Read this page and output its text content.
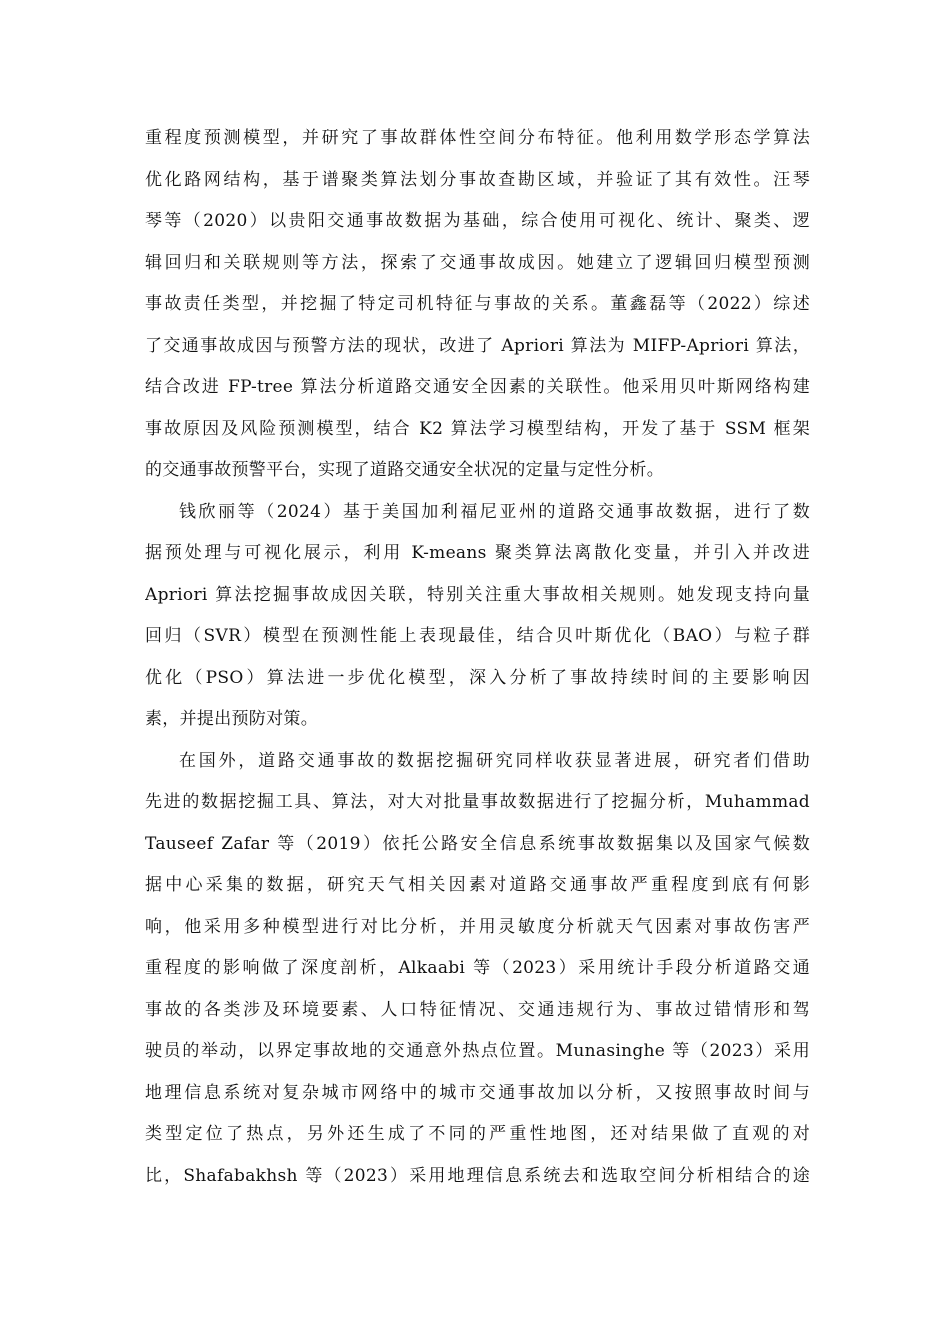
重程度预测模型，并研究了事故群体性空间分布特征。他利用数学形态学算法
优化路网结构，基于谱聚类算法划分事故查勘区域，并验证了其有效性。汪琴
琴等（2020）以贵阳交通事故数据为基础，综合使用可视化、统计、聚类、逻
辑回归和关联规则等方法，探索了交通事故成因。她建立了逻辑回归模型预测
事故责任类型，并挖掘了特定司机特征与事故的关系。董鑫磊等（2022）综述
了交通事故成因与预警方法的现状，改进了 Apriori 算法为 MIFP-Apriori 算法，
结合改进 FP-tree 算法分析道路交通安全因素的关联性。他采用贝叶斯网络构建
事故原因及风险预测模型，结合 K2 算法学习模型结构，开发了基于 SSM 框架
的交通事故预警平台，实现了道路交通安全状况的定量与定性分析。
钱欣丽等（2024）基于美国加利福尼亚州的道路交通事故数据，进行了数
据预处理与可视化展示，利用 K-means 聚类算法离散化变量，并引入并改进
Apriori 算法挖掘事故成因关联，特别关注重大事故相关规则。她发现支持向量
回归（SVR）模型在预测性能上表现最佳，结合贝叶斯优化（BAO）与粒子群
优化（PSO）算法进一步优化模型，深入分析了事故持续时间的主要影响因
素，并提出预防对策。
在国外，道路交通事故的数据挖掘研究同样收获显著进展，研究者们借助
先进的数据挖掘工具、算法，对大对批量事故数据进行了挖掘分析，Muhammad
Tauseef Zafar 等（2019）依托公路安全信息系统事故数据集以及国家气候数
据中心采集的数据，研究天气相关因素对道路交通事故严重程度到底有何影
响，他采用多种模型进行对比分析，并用灵敏度分析就天气因素对事故伤害严
重程度的影响做了深度剖析，Alkaabi 等（2023）采用统计手段分析道路交通
事故的各类涉及环境要素、人口特征情况、交通违规行为、事故过错情形和驾
驶员的举动，以界定事故地的交通意外热点位置。Munasinghe 等（2023）采用
地理信息系统对复杂城市网络中的城市交通事故加以分析，又按照事故时间与
类型定位了热点，另外还生成了不同的严重性地图，还对结果做了直观的对
比，Shafabakhsh 等（2023）采用地理信息系统去和选取空间分析相结合的途
